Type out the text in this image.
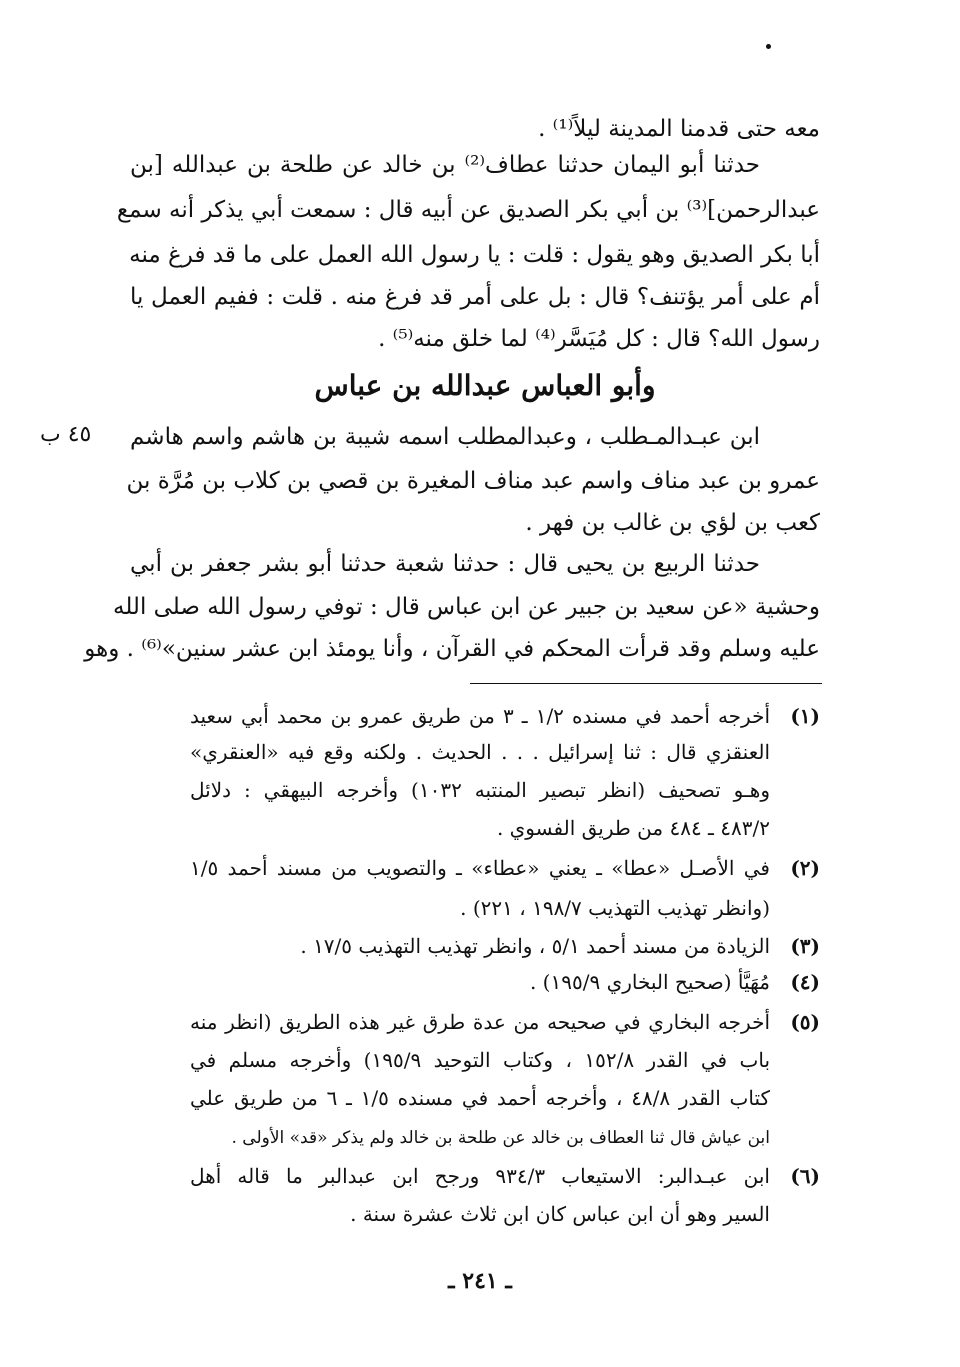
معه حتى قدمنا المدينة ليلاً⁽¹⁾ .
حدثنا أبو اليمان حدثنا عطاف⁽²⁾ بن خالد عن طلحة بن عبدالله [بن
عبدالرحمن]⁽³⁾ بن أبي بكر الصديق عن أبيه قال : سمعت أبي يذكر أنه سمع
أبا بكر الصديق وهو يقول : قلت : يا رسول الله العمل على ما قد فرغ منه
أم على أمر يؤتنف؟ قال : بل على أمر قد فرغ منه . قلت : ففيم العمل يا
رسول الله؟ قال : كل مُيَسَّر⁽⁴⁾ لما خلق منه⁽⁵⁾ .
وأبو العباس عبدالله بن عباس
٤٥ ب ابن عبـدالمـطلب ، وعبدالمطلب اسمه شيبة بن هاشم واسم هاشم
عمرو بن عبد مناف واسم عبد مناف المغيرة بن قصي بن كلاب بن مُرَّة بن
كعب بن لؤي بن غالب بن فهر .
حدثنا الربيع بن يحيى قال : حدثنا شعبة حدثنا أبو بشر جعفر بن أبي
وحشية «عن سعيد بن جبير عن ابن عباس قال : توفي رسول الله صلى الله
عليه وسلم وقد قرأت المحكم في القرآن ، وأنا يومئذ ابن عشر سنين»⁽⁶⁾ . وهو
(١)
أخرجه أحمد في مسنده ١/٢ ـ ٣ من طريق عمرو بن محمد أبي سعيد
العنقزي قال : ثنا إسرائيل . . . الحديث . ولكنه وقع فيه «العنقري»
وهـو تصحيف (انظر تبصير المنتبه ١٠٣٢) وأخرجه البيهقي : دلائل
٤٨٣/٢ ـ ٤٨٤ من طريق الفسوي .
(٢)
في الأصـل «عطا» ـ يعني «عطاء» ـ والتصويب من مسند أحمد ١/٥
(وانظر تهذيب التهذيب ١٩٨/٧ ، ٢٢١) .
(٣)
الزيادة من مسند أحمد ٥/١ ، وانظر تهذيب التهذيب ١٧/٥ .
(٤)
مُهَيَّأ (صحيح البخاري ١٩٥/٩) .
(٥)
أخرجه البخاري في صحيحه من عدة طرق غير هذه الطريق (انظر منه
باب في القدر ١٥٢/٨ ، وكتاب التوحيد ١٩٥/٩) وأخرجه مسلم في
كتاب القدر ٤٨/٨ ، وأخرجه أحمد في مسنده ١/٥ ـ ٦ من طريق علي
ابن عياش قال ثنا العطاف بن خالد عن طلحة بن خالد ولم يذكر «قد» الأولى .
(٦)
ابن عبـدالبر: الاستيعاب ٩٣٤/٣ ورجح ابن عبدالبر ما قاله أهل
السير وهو أن ابن عباس كان ابن ثلاث عشرة سنة .
ـ ٢٤١ ـ
